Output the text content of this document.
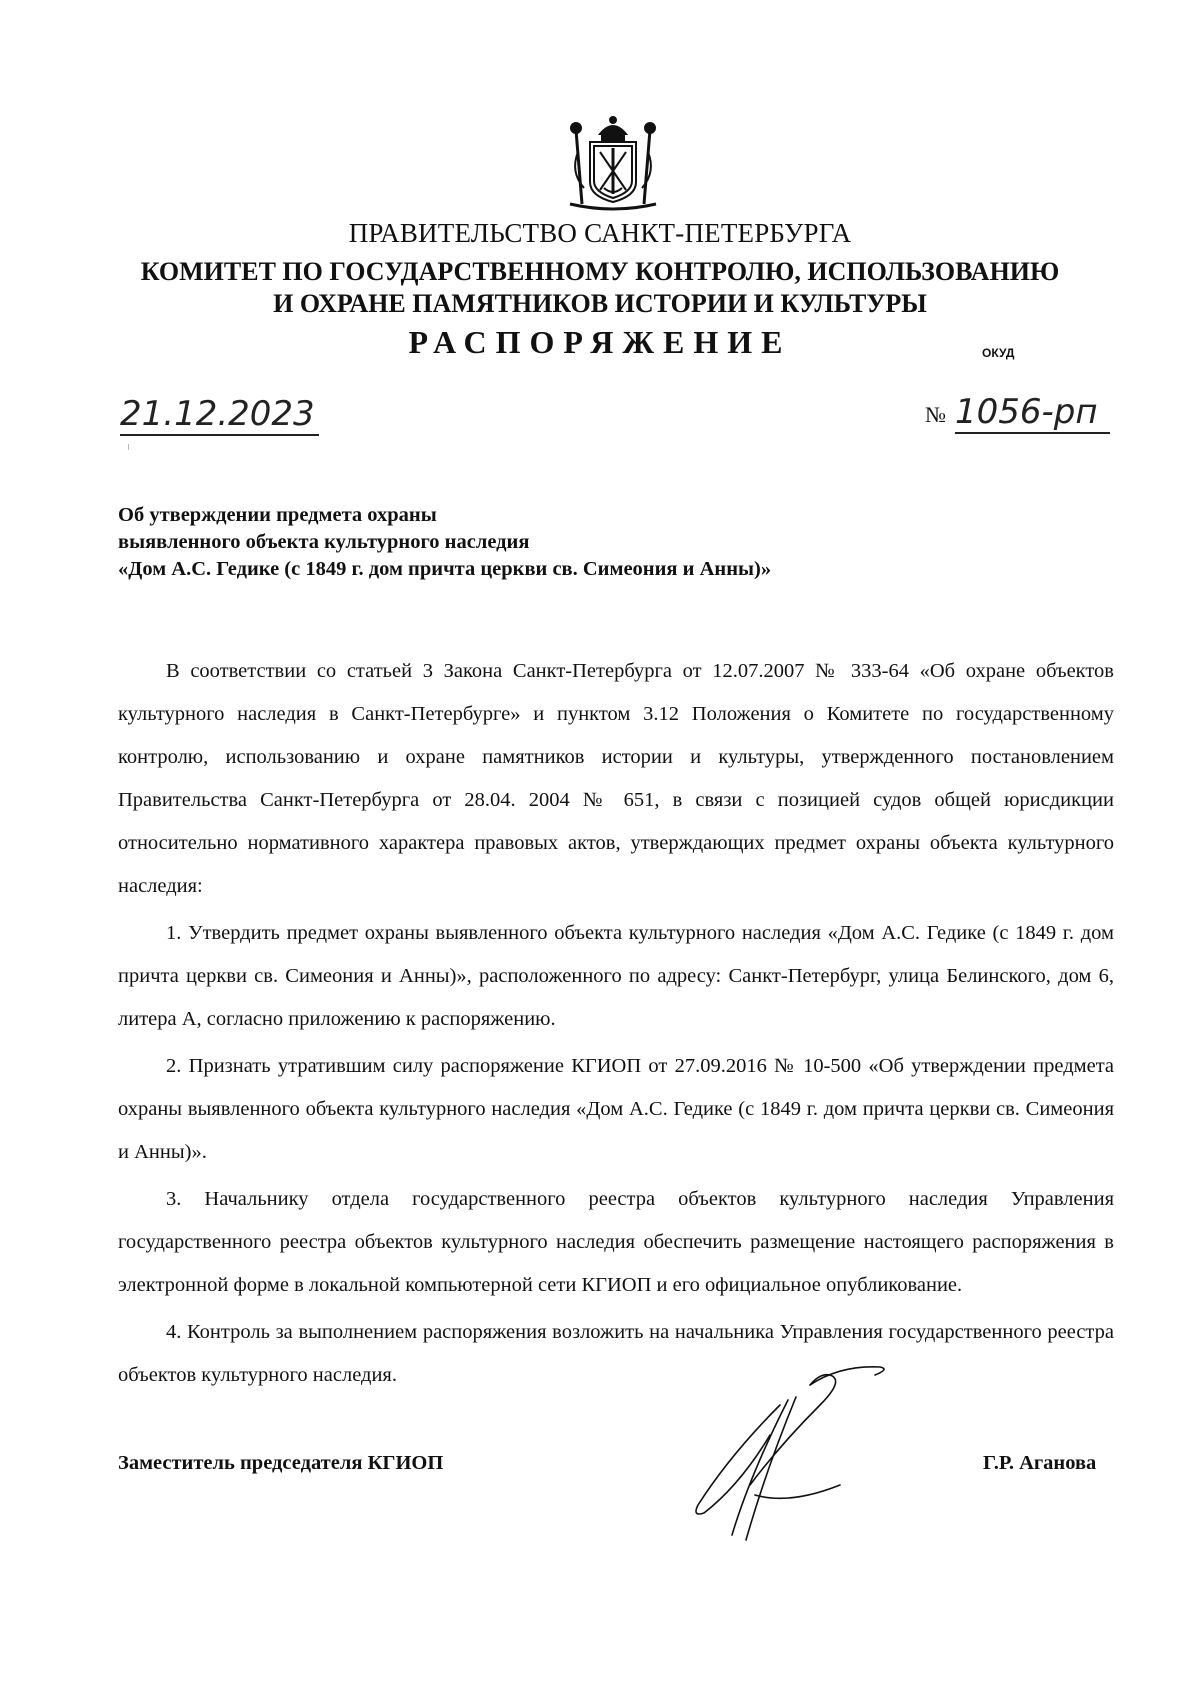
ПРАВИТЕЛЬСТВО САНКТ-ПЕТЕРБУРГА
КОМИТЕТ ПО ГОСУДАРСТВЕННОМУ КОНТРОЛЮ, ИСПОЛЬЗОВАНИЮ
И ОХРАНЕ ПАМЯТНИКОВ ИСТОРИИ И КУЛЬТУРЫ
РАСПОРЯЖЕНИЕ	ОКУД
21.12.2023	№ 1056-рп
Об утверждении предмета охраны
выявленного объекта культурного наследия
«Дом А.С. Гедике (с 1849 г. дом причта церкви св. Симеония и Анны)»

В соответствии со статьей 3 Закона Санкт-Петербурга от 12.07.2007 № 333-64 «Об охране объектов культурного наследия в Санкт-Петербурге» и пунктом 3.12 Положения о Комитете по государственному контролю, использованию и охране памятников истории и культуры, утвержденного постановлением Правительства Санкт-Петербурга от 28.04. 2004 № 651, в связи с позицией судов общей юрисдикции относительно нормативного характера правовых актов, утверждающих предмет охраны объекта культурного наследия:

1. Утвердить предмет охраны выявленного объекта культурного наследия «Дом А.С. Гедике (с 1849 г. дом причта церкви св. Симеония и Анны)», расположенного по адресу: Санкт-Петербург, улица Белинского, дом 6, литера А, согласно приложению к распоряжению.

2. Признать утратившим силу распоряжение КГИОП от 27.09.2016 № 10-500 «Об утверждении предмета охраны выявленного объекта культурного наследия «Дом А.С. Гедике (с 1849 г. дом причта церкви св. Симеония и Анны)».

3. Начальнику отдела государственного реестра объектов культурного наследия Управления государственного реестра объектов культурного наследия обеспечить размещение настоящего распоряжения в электронной форме в локальной компьютерной сети КГИОП и его официальное опубликование.

4. Контроль за выполнением распоряжения возложить на начальника Управления государственного реестра объектов культурного наследия.

Заместитель председателя КГИОП	Г.Р. Аганова
